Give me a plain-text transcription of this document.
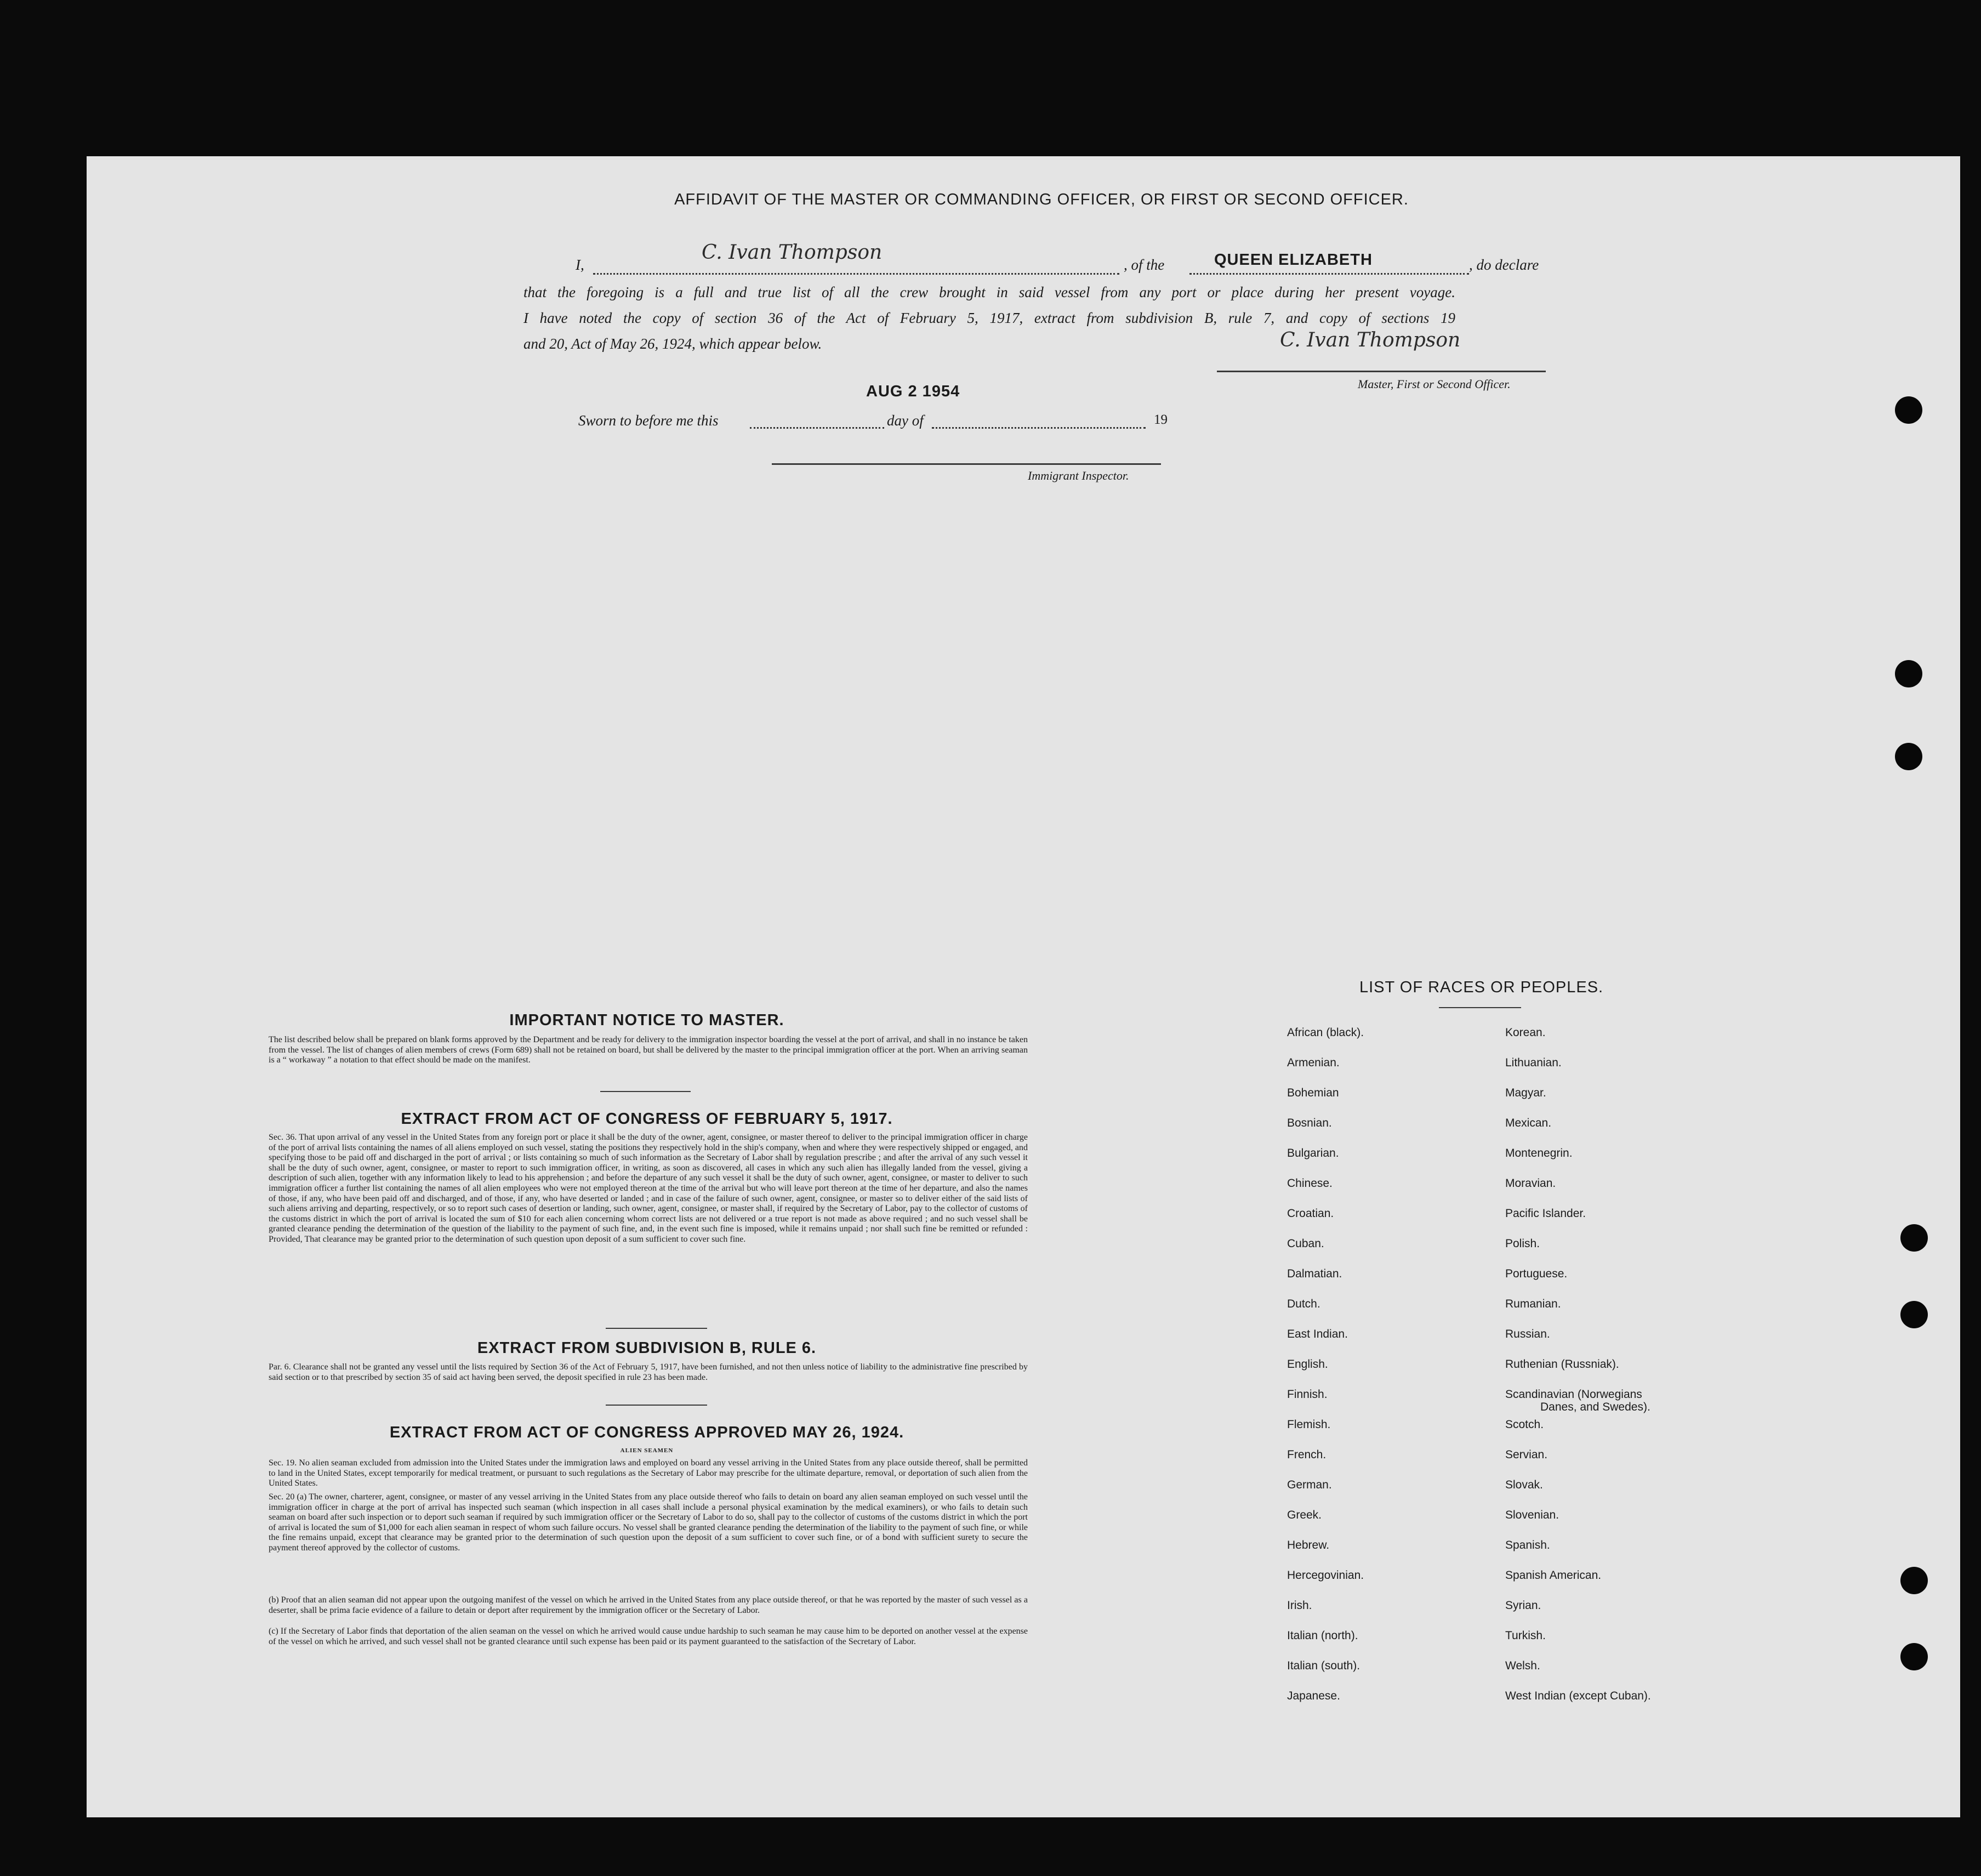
AFFIDAVIT OF THE MASTER OR COMMANDING OFFICER, OR FIRST OR SECOND OFFICER.
I,
C. Ivan Thompson
, of the	QUEEN ELIZABETH	, do declare
that the foregoing is a full and true list of all the crew brought in said vessel from any port or place during her present voyage.
I have noted the copy of section 36 of the Act of February 5, 1917, extract from subdivision B, rule 7, and copy of sections 19
and 20, Act of May 26, 1924, which appear below.	C. Ivan Thompson
Master, First or Second Officer.
AUG 2 1954
Sworn to before me this	day of	19
Immigrant Inspector.
IMPORTANT NOTICE TO MASTER.
The list described below shall be prepared on blank forms approved by the Department and be ready for delivery to the immigration inspector boarding the vessel at the port of arrival, and shall in no instance be taken from the vessel. The list of changes of alien members of crews (Form 689) shall not be retained on board, but shall be delivered by the master to the principal immigration officer at the port. When an arriving seaman is a “ workaway ” a notation to that effect should be made on the manifest.
EXTRACT FROM ACT OF CONGRESS OF FEBRUARY 5, 1917.
Sec. 36. That upon arrival of any vessel in the United States from any foreign port or place it shall be the duty of the owner, agent, consignee, or master thereof to deliver to the principal immigration officer in charge of the port of arrival lists containing the names of all aliens employed on such vessel, stating the positions they respectively hold in the ship's company, when and where they were respectively shipped or engaged, and specifying those to be paid off and discharged in the port of arrival ; or lists containing so much of such information as the Secretary of Labor shall by regulation prescribe ; and after the arrival of any such vessel it shall be the duty of such owner, agent, consignee, or master to report to such immigration officer, in writing, as soon as discovered, all cases in which any such alien has illegally landed from the vessel, giving a description of such alien, together with any information likely to lead to his apprehension ; and before the departure of any such vessel it shall be the duty of such owner, agent, consignee, or master to deliver to such immigration officer a further list containing the names of all alien employees who were not employed thereon at the time of the arrival but who will leave port thereon at the time of her departure, and also the names of those, if any, who have been paid off and discharged, and of those, if any, who have deserted or landed ; and in case of the failure of such owner, agent, consignee, or master so to deliver either of the said lists of such aliens arriving and departing, respectively, or so to report such cases of desertion or landing, such owner, agent, consignee, or master shall, if required by the Secretary of Labor, pay to the collector of customs of the customs district in which the port of arrival is located the sum of $10 for each alien concerning whom correct lists are not delivered or a true report is not made as above required ; and no such vessel shall be granted clearance pending the determination of the question of the liability to the payment of such fine, and, in the event such fine is imposed, while it remains unpaid ; nor shall such fine be remitted or refunded : Provided, That clearance may be granted prior to the determination of such question upon deposit of a sum sufficient to cover such fine.
EXTRACT FROM SUBDIVISION B, RULE 6.
Par. 6. Clearance shall not be granted any vessel until the lists required by Section 36 of the Act of February 5, 1917, have been furnished, and not then unless notice of liability to the administrative fine prescribed by said section or to that prescribed by section 35 of said act having been served, the deposit specified in rule 23 has been made.
EXTRACT FROM ACT OF CONGRESS APPROVED MAY 26, 1924.
ALIEN SEAMEN
Sec. 19. No alien seaman excluded from admission into the United States under the immigration laws and employed on board any vessel arriving in the United States from any place outside thereof, shall be permitted to land in the United States, except temporarily for medical treatment, or pursuant to such regulations as the Secretary of Labor may prescribe for the ultimate departure, removal, or deportation of such alien from the United States.
Sec. 20 (a) The owner, charterer, agent, consignee, or master of any vessel arriving in the United States from any place outside thereof who fails to detain on board any alien seaman employed on such vessel until the immigration officer in charge at the port of arrival has inspected such seaman (which inspection in all cases shall include a personal physical examination by the medical examiners), or who fails to detain such seaman on board after such inspection or to deport such seaman if required by such immigration officer or the Secretary of Labor to do so, shall pay to the collector of customs of the customs district in which the port of arrival is located the sum of $1,000 for each alien seaman in respect of whom such failure occurs. No vessel shall be granted clearance pending the determination of the liability to the payment of such fine, or while the fine remains unpaid, except that clearance may be granted prior to the determination of such question upon the deposit of a sum sufficient to cover such fine, or of a bond with sufficient surety to secure the payment thereof approved by the collector of customs.
(b) Proof that an alien seaman did not appear upon the outgoing manifest of the vessel on which he arrived in the United States from any place outside thereof, or that he was reported by the master of such vessel as a deserter, shall be prima facie evidence of a failure to detain or deport after requirement by the immigration officer or the Secretary of Labor.
(c) If the Secretary of Labor finds that deportation of the alien seaman on the vessel on which he arrived would cause undue hardship to such seaman he may cause him to be deported on another vessel at the expense of the vessel on which he arrived, and such vessel shall not be granted clearance until such expense has been paid or its payment guaranteed to the satisfaction of the Secretary of Labor.
LIST OF RACES OR PEOPLES.
African (black).
Armenian.
Bohemian
Bosnian.
Bulgarian.
Chinese.
Croatian.
Cuban.
Dalmatian.
Dutch.
East Indian.
English.
Finnish.
Flemish.
French.
German.
Greek.
Hebrew.
Hercegovinian.
Irish.
Italian (north).
Italian (south).
Japanese.
Korean.
Lithuanian.
Magyar.
Mexican.
Montenegrin.
Moravian.
Pacific Islander.
Polish.
Portuguese.
Rumanian.
Russian.
Ruthenian (Russniak).
Scandinavian (Norwegians
Danes, and Swedes).
Scotch.
Servian.
Slovak.
Slovenian.
Spanish.
Spanish American.
Syrian.
Turkish.
Welsh.
West Indian (except Cuban).
